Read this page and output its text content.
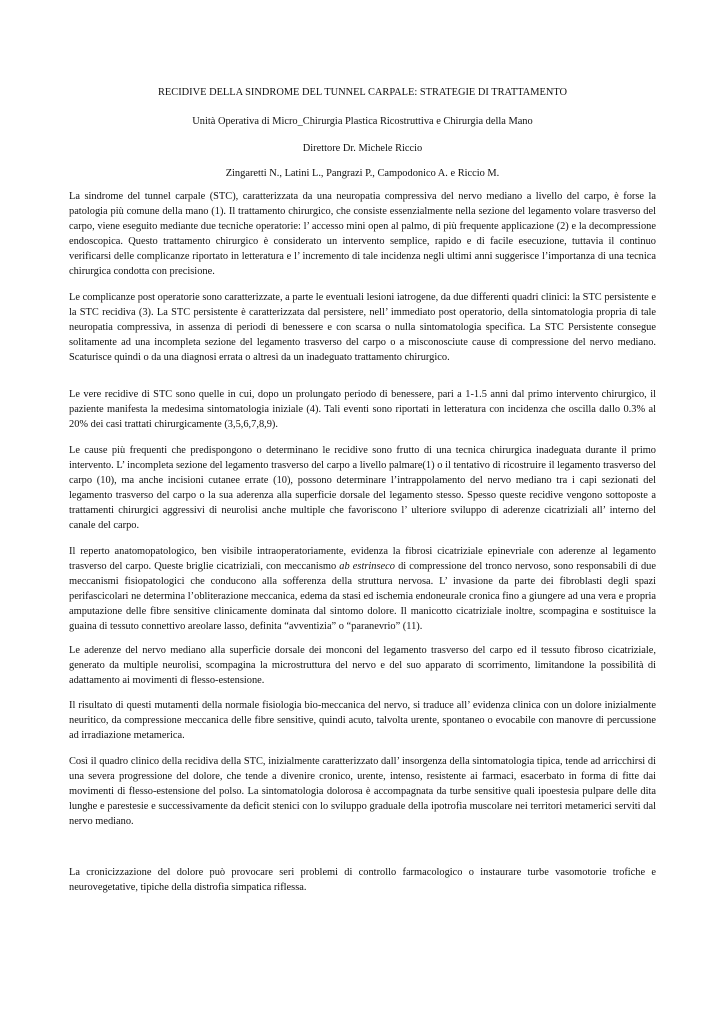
RECIDIVE DELLA SINDROME DEL TUNNEL CARPALE: STRATEGIE DI TRATTAMENTO
Unità Operativa di Micro_Chirurgia Plastica Ricostruttiva e Chirurgia della Mano
Direttore Dr. Michele Riccio
Zingaretti N., Latini L., Pangrazi P., Campodonico A. e Riccio M.

La sindrome del tunnel carpale (STC), caratterizzata da una neuropatia compressiva del nervo mediano a livello del carpo, è forse la patologia più comune della mano (1). Il trattamento chirurgico, che consiste essenzialmente nella sezione del legamento volare trasverso del carpo, viene eseguito mediante due tecniche operatorie: l’ accesso mini open al palmo, di più frequente applicazione (2) e la decompressione endoscopica. Questo trattamento chirurgico è considerato un intervento semplice, rapido e di facile esecuzione, tuttavia il continuo verificarsi delle complicanze riportato in letteratura e l’ incremento di tale incidenza negli ultimi anni suggerisce l’importanza di una tecnica chirurgica condotta con precisione.

Le complicanze post operatorie sono caratterizzate, a parte le eventuali lesioni iatrogene, da due differenti quadri clinici: la STC persistente e la STC recidiva (3). La STC persistente è caratterizzata dal persistere, nell’ immediato post operatorio, della sintomatologia propria di tale neuropatia compressiva, in assenza di periodi di benessere e con scarsa o nulla sintomatologia specifica. La STC Persistente consegue solitamente ad una incompleta sezione del legamento trasverso del carpo o a misconosciute cause di compressione del nervo mediano. Scaturisce quindi o da una diagnosi errata o altresì da un inadeguato trattamento chirurgico.

Le vere recidive di STC sono quelle in cui, dopo un prolungato periodo di benessere, pari a 1-1.5 anni dal primo intervento chirurgico, il paziente manifesta la medesima sintomatologia iniziale (4). Tali eventi sono riportati in letteratura con incidenza che oscilla dallo 0.3% al 20% dei casi trattati chirurgicamente (3,5,6,7,8,9).

Le cause più frequenti che predispongono o determinano le recidive sono frutto di una tecnica chirurgica inadeguata durante il primo intervento. L’ incompleta sezione del legamento trasverso del carpo a livello palmare(1) o il tentativo di ricostruire il legamento trasverso del carpo (10), ma anche incisioni cutanee errate (10), possono determinare l’intrappolamento del nervo mediano tra i capi sezionati del legamento trasverso del carpo o la sua aderenza alla superficie dorsale del legamento stesso. Spesso queste recidive vengono sottoposte a trattamenti chirurgici aggressivi di neurolisi anche multiple che favoriscono l’ ulteriore sviluppo di aderenze cicatriziali all’ interno del canale del carpo.

Il reperto anatomopatologico, ben visibile intraoperatoriamente, evidenza la fibrosi cicatriziale epinevriale con aderenze al legamento trasverso del carpo. Queste briglie cicatriziali, con meccanismo ab estrinseco di compressione del tronco nervoso, sono responsabili di due meccanismi fisiopatologici che conducono alla sofferenza della struttura nervosa. L’ invasione da parte dei fibroblasti degli spazi perifascicolari ne determina l’obliterazione meccanica, edema da stasi ed ischemia endoneurale cronica fino a giungere ad una vera e propria amputazione delle fibre sensitive clinicamente dominata dal sintomo dolore. Il manicotto cicatriziale inoltre, scompagina e sostituisce la guaina di tessuto connettivo areolare lasso, definita “avventizia” o “paranevrio” (11).

Le aderenze del nervo mediano alla superficie dorsale dei monconi del legamento trasverso del carpo ed il tessuto fibroso cicatriziale, generato da multiple neurolisi, scompagina la microstruttura del nervo e del suo apparato di scorrimento, limitandone la possibilità di adattamento ai movimenti di flesso-estensione.

Il risultato di questi mutamenti della normale fisiologia bio-meccanica del nervo, si traduce all’ evidenza clinica con un dolore inizialmente neuritico, da compressione meccanica delle fibre sensitive, quindi acuto, talvolta urente, spontaneo o evocabile con manovre di percussione ad irradiazione metamerica.

Così il quadro clinico della recidiva della STC, inizialmente caratterizzato dall’ insorgenza della sintomatologia tipica, tende ad arricchirsi di una severa progressione del dolore, che tende a divenire cronico, urente, intenso, resistente ai farmaci, esacerbato in forma di fitte dai movimenti di flesso-estensione del polso. La sintomatologia dolorosa è accompagnata da turbe sensitive quali ipoestesia pulpare delle dita lunghe e parestesie e successivamente da deficit stenici con lo sviluppo graduale della ipotrofia muscolare nei territori metamerici serviti dal nervo mediano.

La cronicizzazione del dolore può provocare seri problemi di controllo farmacologico o instaurare turbe vasomotorie trofiche e neurovegetative, tipiche della distrofia simpatica riflessa.
